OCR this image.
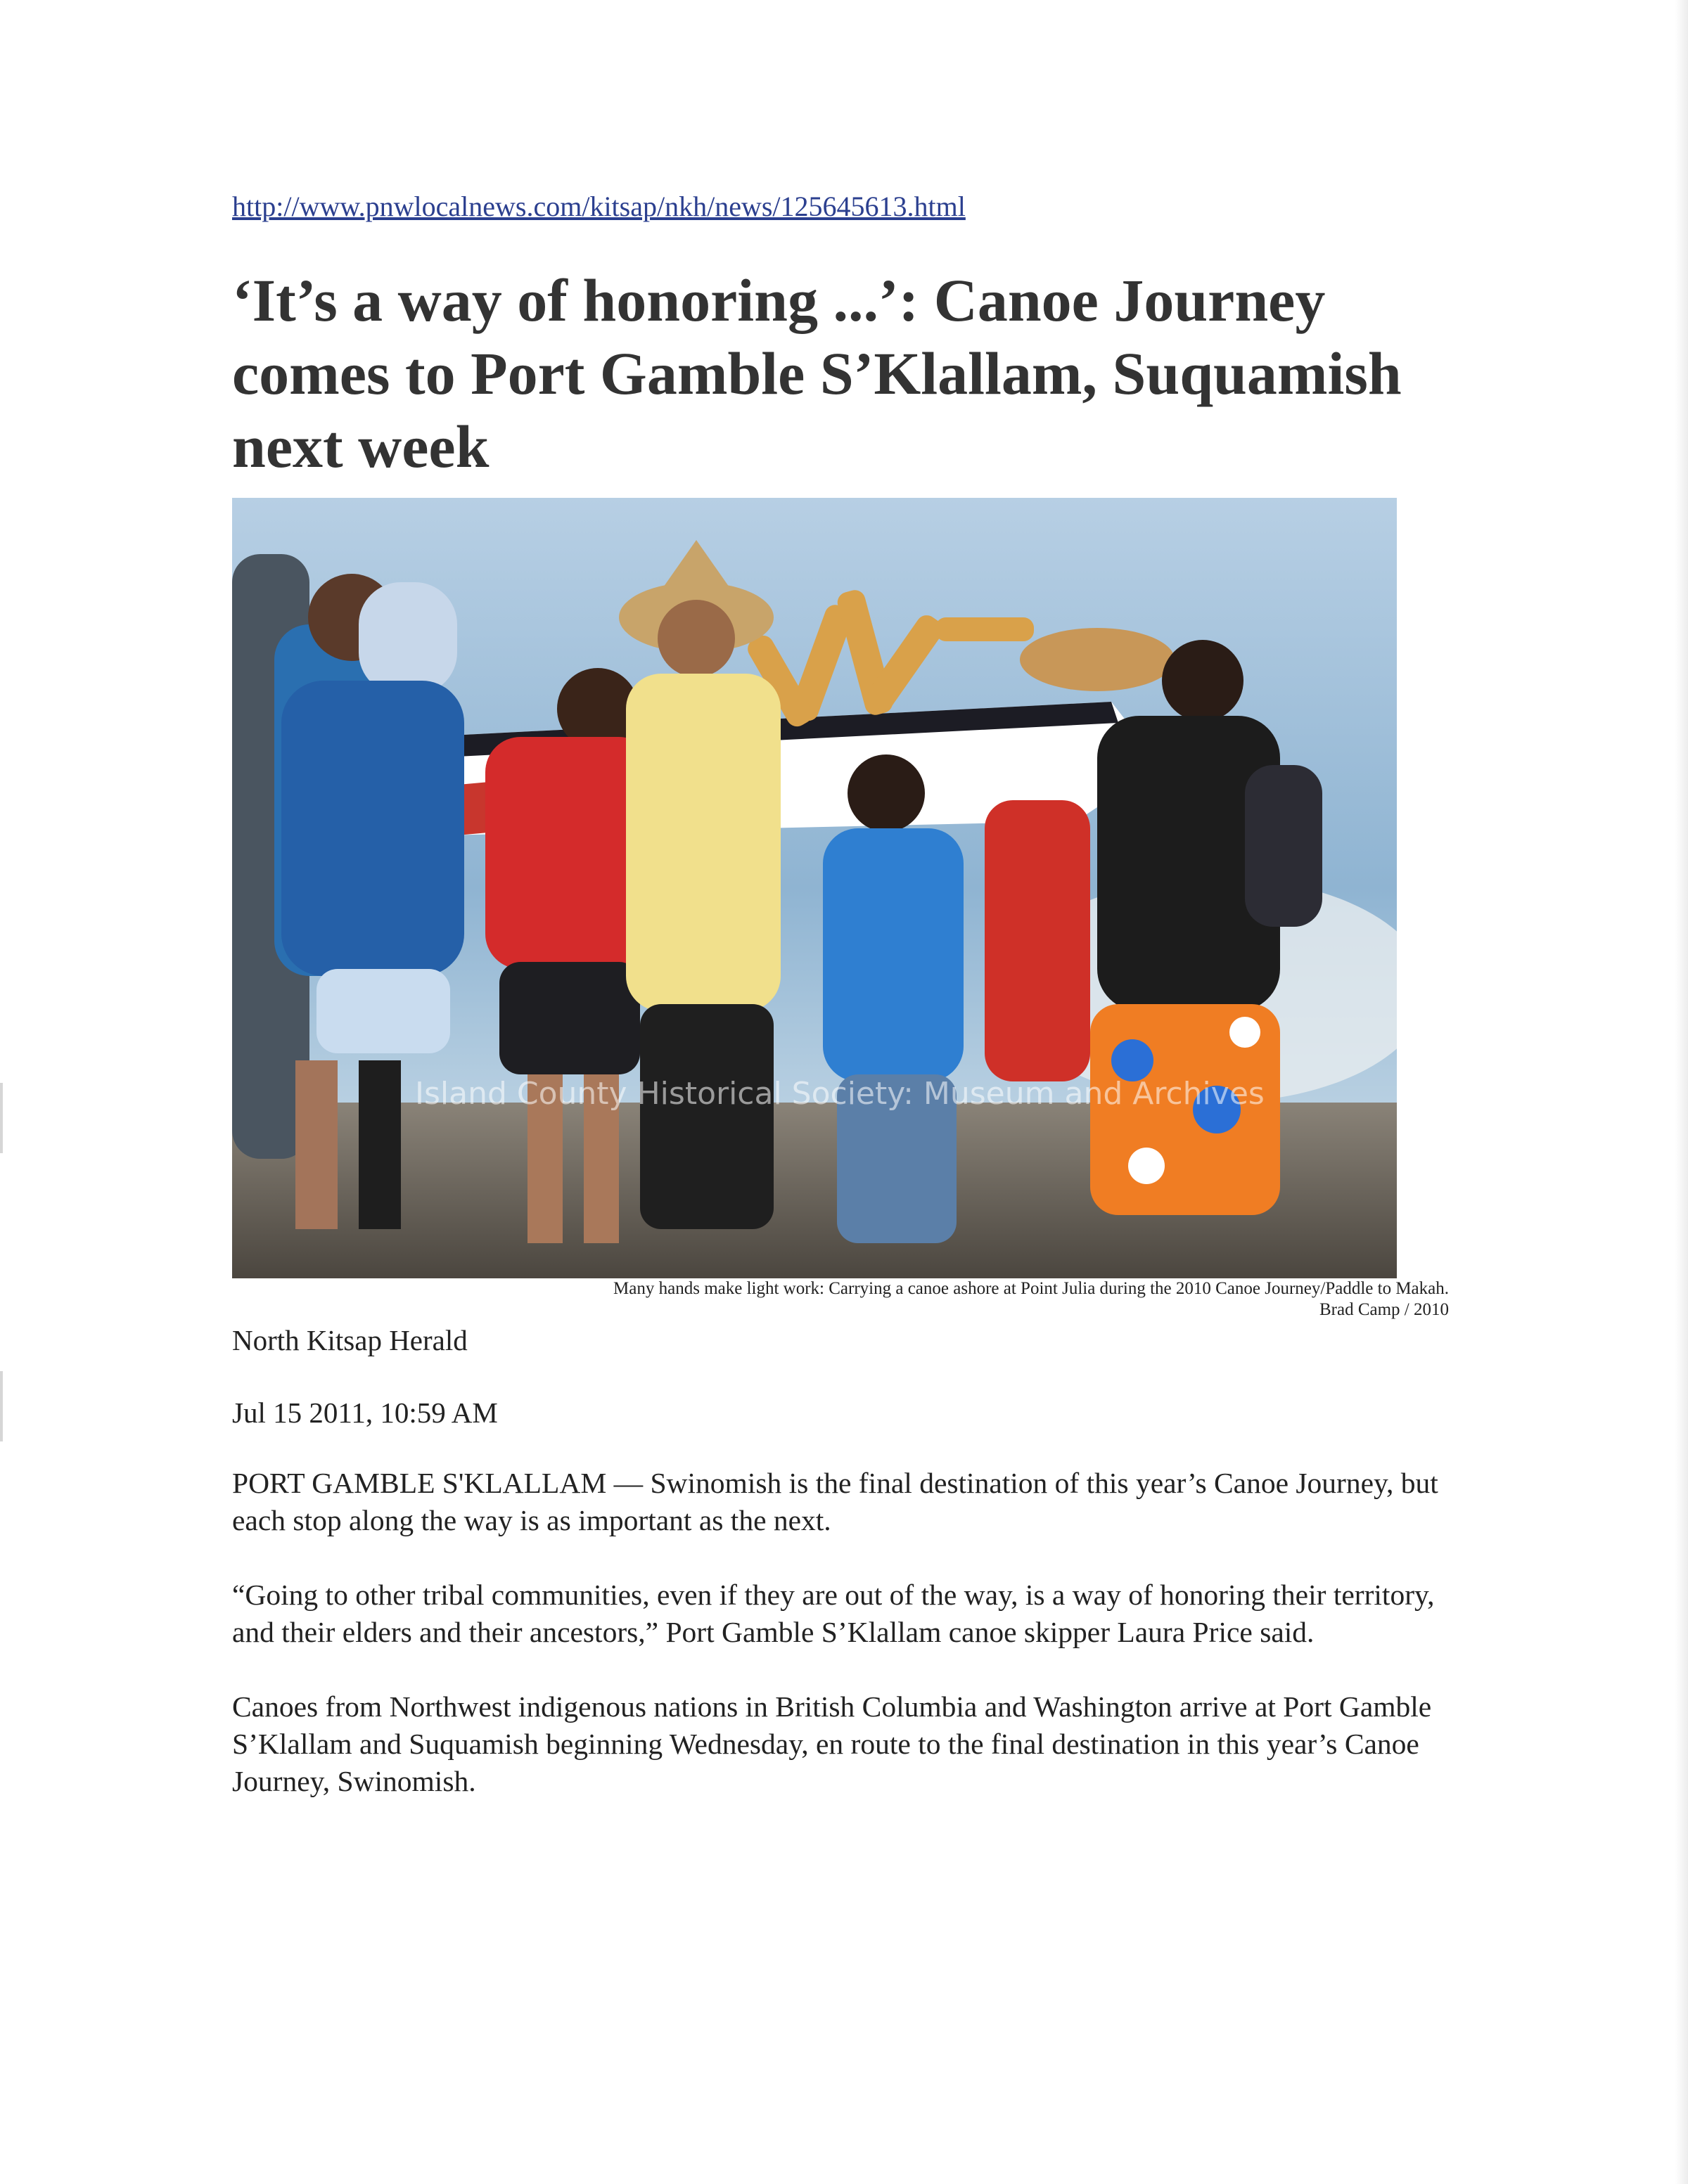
http://www.pnwlocalnews.com/kitsap/nkh/news/125645613.html
‘It’s a way of honoring ...’: Canoe Journey comes to Port Gamble S’Klallam, Suquamish next week
Island County Historical Society: Museum and Archives
Many hands make light work: Carrying a canoe ashore at Point Julia during the 2010 Canoe Journey/Paddle to Makah.
Brad Camp / 2010
North Kitsap Herald
Jul 15 2011, 10:59 AM

PORT GAMBLE S'KLALLAM — Swinomish is the final destination of this year’s Canoe Journey, but each stop along the way is as important as the next.

“Going to other tribal communities, even if they are out of the way, is a way of honoring their territory, and their elders and their ancestors,” Port Gamble S’Klallam canoe skipper Laura Price said.

Canoes from Northwest indigenous nations in British Columbia and Washington arrive at Port Gamble S’Klallam and Suquamish beginning Wednesday, en route to the final destination in this year’s Canoe Journey, Swinomish.
